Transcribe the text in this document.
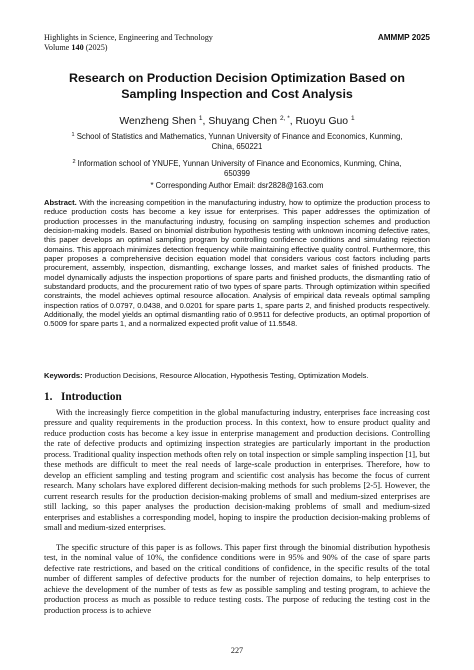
Highlights in Science, Engineering and Technology
Volume 140 (2025)
AMMMP 2025
Research on Production Decision Optimization Based on
Sampling Inspection and Cost Analysis
Wenzheng Shen $^1$, Shuyang Chen $^{2, *}$, Ruoyu Guo $^1$
$^1$ School of Statistics and Mathematics, Yunnan University of Finance and Economics, Kunming, China, 650221
$^2$ Information school of YNUFE, Yunnan University of Finance and Economics, Kunming, China, 650399
* Corresponding Author Email: dsr2828@163.com

Abstract. With the increasing competition in the manufacturing industry, how to optimize the production process to reduce production costs has become a key issue for enterprises. This paper addresses the optimization of production processes in the manufacturing industry, focusing on sampling inspection schemes and production decision-making models. Based on binomial distribution hypothesis testing with unknown incoming defective rates, this paper develops an optimal sampling program by controlling confidence conditions and simulating rejection domains. This approach minimizes detection frequency while maintaining effective quality control. Furthermore, this paper proposes a comprehensive decision equation model that considers various cost factors including parts procurement, assembly, inspection, dismantling, exchange losses, and market sales of finished products. The model dynamically adjusts the inspection proportions of spare parts and finished products, the dismantling ratio of substandard products, and the procurement ratio of two types of spare parts. Through optimization within specified constraints, the model achieves optimal resource allocation. Analysis of empirical data reveals optimal sampling inspection ratios of 0.0797, 0.0438, and 0.0201 for spare parts 1, spare parts 2, and finished products respectively. Additionally, the model yields an optimal dismantling ratio of 0.9511 for defective products, an optimal proportion of 0.5009 for spare parts 1, and a normalized expected profit value of 11.5548.

Keywords: Production Decisions, Resource Allocation, Hypothesis Testing, Optimization Models.

1. Introduction

With the increasingly fierce competition in the global manufacturing industry, enterprises face increasing cost pressure and quality requirements in the production process. In this context, how to ensure product quality and reduce production costs has become a key issue in enterprise management and production decisions. Controlling the rate of defective products and optimizing inspection strategies are particularly important in the production process. Traditional quality inspection methods often rely on total inspection or simple sampling inspection [1], but these methods are difficult to meet the real needs of large-scale production in enterprises. Therefore, how to develop an efficient sampling and testing program and scientific cost analysis has become the focus of current research. Many scholars have explored different decision-making methods for such problems [2-5]. However, the current research results for the production decision-making problems of small and medium-sized enterprises are still lacking, so this paper analyses the production decision-making problems of small and medium-sized enterprises and establishes a corresponding model, hoping to inspire the production decision-making problems of small and medium-sized enterprises.

The specific structure of this paper is as follows. This paper first through the binomial distribution hypothesis test, in the nominal value of 10%, the confidence conditions were in 95% and 90% of the case of spare parts defective rate restrictions, and based on the critical conditions of confidence, in the specific results of the total number of different samples of defective products for the number of rejection domains, to help enterprises to achieve the development of the number of tests as few as possible sampling and testing program, to achieve the production process as much as possible to reduce testing costs. The purpose of reducing the testing cost in the production process is to achieve

227
